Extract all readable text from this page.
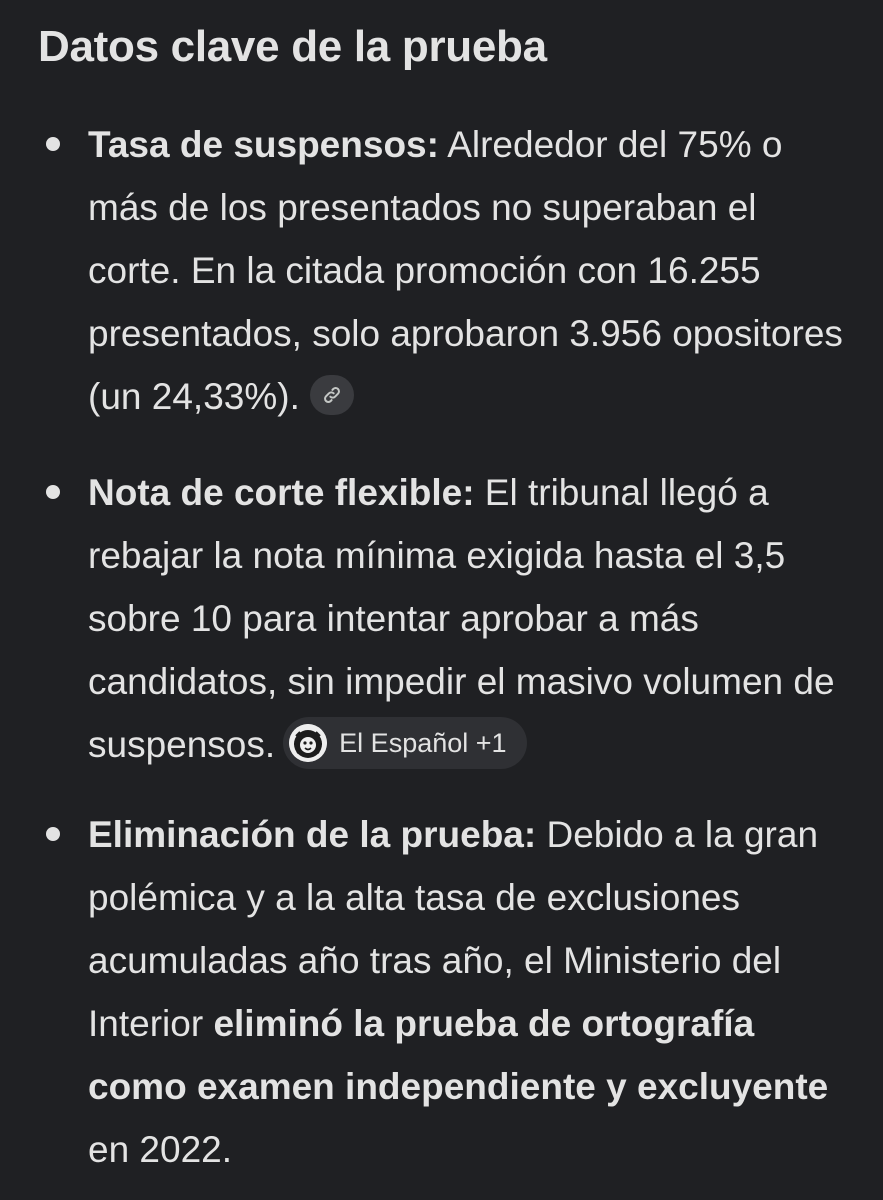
Datos clave de la prueba
Tasa de suspensos: Alrededor del 75% o más de los presentados no superaban el corte. En la citada promoción con 16.255 presentados, solo aprobaron 3.956 opositores (un 24,33%).
Nota de corte flexible: El tribunal llegó a rebajar la nota mínima exigida hasta el 3,5 sobre 10 para intentar aprobar a más candidatos, sin impedir el masivo volumen de suspensos. El Español +1
Eliminación de la prueba: Debido a la gran polémica y a la alta tasa de exclusiones acumuladas año tras año, el Ministerio del Interior eliminó la prueba de ortografía como examen independiente y excluyente en 2022.
